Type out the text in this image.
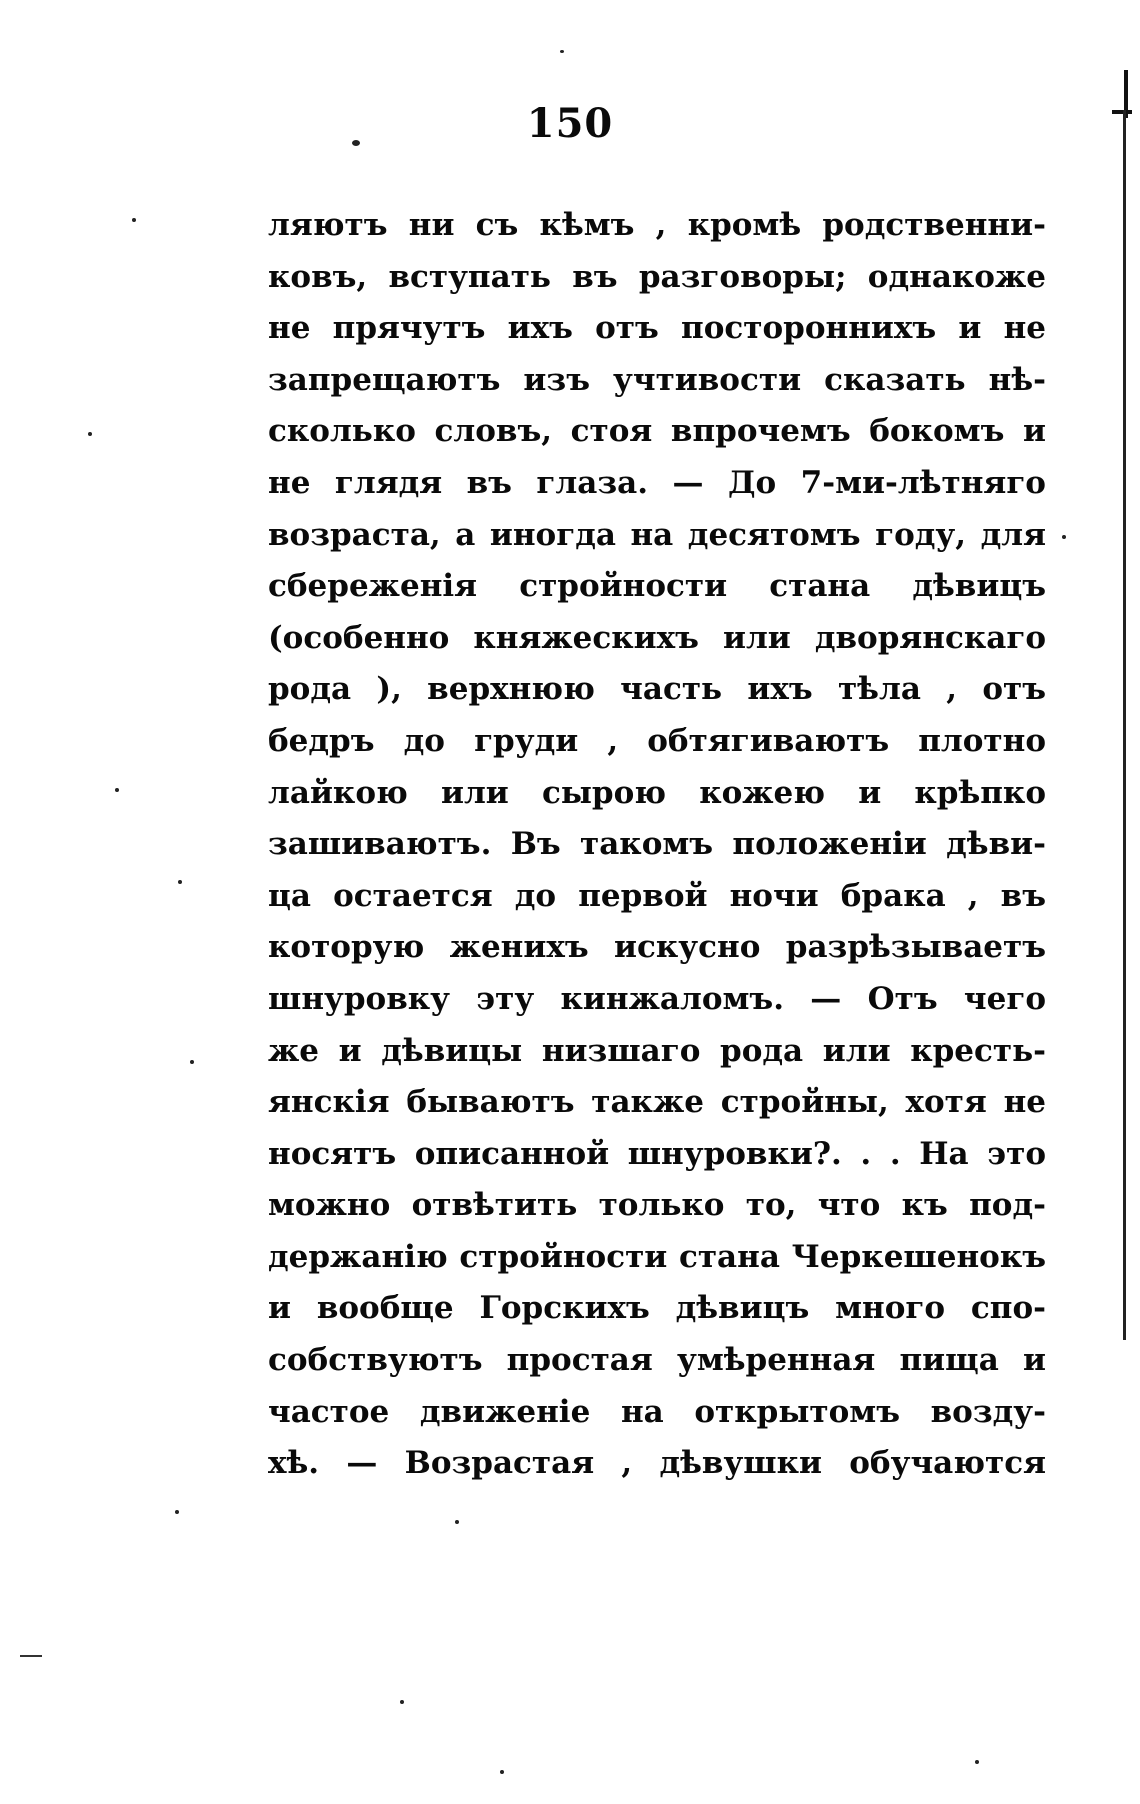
150
ляютъ ни съ кѣмъ , кромѣ родственни-
ковъ, вступать въ разговоры; однакоже
не прячутъ ихъ отъ постороннихъ и не
запрещаютъ изъ учтивости сказать нѣ-
сколько словъ, стоя впрочемъ бокомъ и
не глядя въ глаза. — До 7-ми-лѣтняго
возраста, а иногда на десятомъ году, для
сбереженія стройности стана дѣвицъ
(особенно княжескихъ или дворянскаго
рода ), верхнюю часть ихъ тѣла , отъ
бедръ до груди , обтягиваютъ плотно
лайкою или сырою кожею и крѣпко
зашиваютъ. Въ такомъ положеніи дѣви-
ца остается до первой ночи брака , въ
которую женихъ искусно разрѣзываетъ
шнуровку эту кинжаломъ. — Отъ чего
же и дѣвицы низшаго рода или кресть-
янскія бываютъ также стройны, хотя не
носятъ описанной шнуровки?. . . На это
можно отвѣтить только то, что къ под-
держанію стройности стана Черкешенокъ
и вообще Горскихъ дѣвицъ много спо-
собствуютъ простая умѣренная пища и
частое движеніе на открытомъ возду-
хѣ. — Возрастая , дѣвушки обучаются
